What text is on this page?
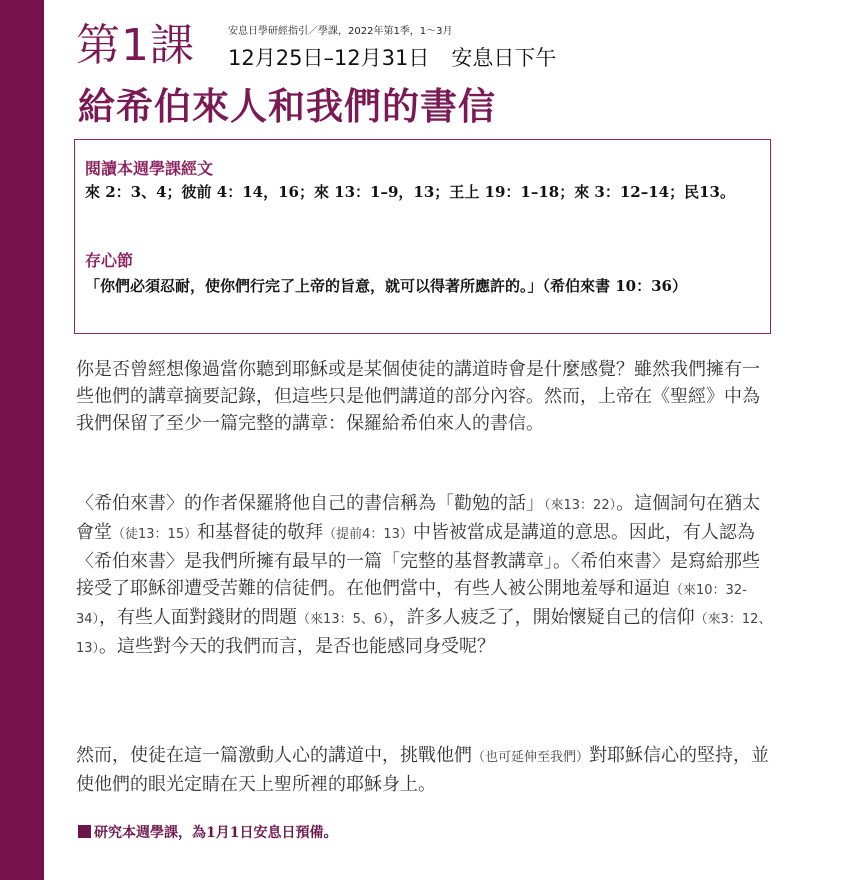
第1課	安息日學研經指引／學課，2022年第1季，1～3月
12月25日–12月31日 安息日下午
給希伯來人和我們的書信
閱讀本週學課經文
來 2：3、4；彼前 4：14，16；來 13：1–9，13；王上 19：1–18；來 3：12–14；民13。
存心節
「你們必須忍耐，使你們行完了上帝的旨意，就可以得著所應許的。」（希伯來書 10：36）
你是否曾經想像過當你聽到耶穌或是某個使徒的講道時會是什麼感覺？雖然我們擁有一些他們的講章摘要記錄，但這些只是他們講道的部分內容。然而，上帝在《聖經》中為我們保留了至少一篇完整的講章：保羅給希伯來人的書信。
〈希伯來書〉的作者保羅將他自己的書信稱為「勸勉的話」（來13：22）。這個詞句在猶太會堂（徒13：15）和基督徒的敬拜（提前4：13）中皆被當成是講道的意思。因此，有人認為〈希伯來書〉是我們所擁有最早的一篇「完整的基督教講章」。〈希伯來書〉是寫給那些接受了耶穌卻遭受苦難的信徒們。在他們當中，有些人被公開地羞辱和逼迫（來10：32-34），有些人面對錢財的問題（來13：5、6），許多人疲乏了，開始懷疑自己的信仰（來3：12、13）。這些對今天的我們而言，是否也能感同身受呢？
然而，使徒在這一篇激動人心的講道中，挑戰他們（也可延伸至我們）對耶穌信心的堅持，並使他們的眼光定睛在天上聖所裡的耶穌身上。
研究本週學課，為1月1日安息日預備。
